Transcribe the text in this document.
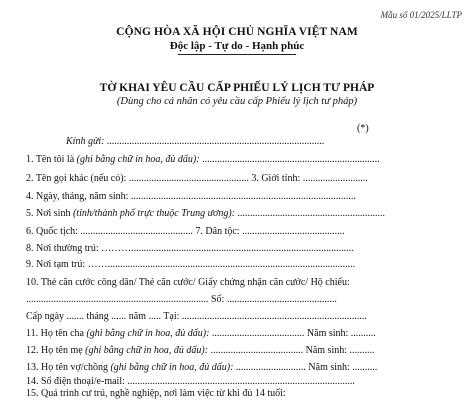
Mẫu số 01/2025/LLTP
CỘNG HÒA XÃ HỘI CHỦ NGHĨA VIỆT NAM
Độc lập - Tự do - Hạnh phúc
TỜ KHAI YÊU CẦU CẤP PHIẾU LÝ LỊCH TƯ PHÁP
(Dùng cho cá nhân có yêu cầu cấp Phiếu lý lịch tư pháp)
(*)
Kính gửi: .......................................................................................
1. Tên tôi là (ghi bằng chữ in hoa, đủ dấu): .......................................................................
2. Tên gọi khác (nếu có): ................................................ 3. Giới tính: ..........................
4. Ngày, tháng, năm sinh: ..........................................................................................
5. Nơi sinh (tỉnh/thành phố trực thuộc Trung ương): ...........................................................
6. Quốc tịch: ............................................. 7. Dân tộc: .........................................
8. Nơi thường trú: ……….........................................................................................
9. Nơi tạm trú: ……...................................................................................................
10. Thẻ căn cước công dân/ Thẻ căn cước/ Giấy chứng nhận căn cước/ Hộ chiếu:
......................................................................... Số: ............................................
Cấp ngày ....... tháng ...... năm ..... Tại: ..........................................................................
11. Họ tên cha (ghi bằng chữ in hoa, đủ dấu): ..................................... Năm sinh: ..........
12. Họ tên mẹ (ghi bằng chữ in hoa, đủ dấu): ..................................... Năm sinh: ..........
13. Họ tên vợ/chồng (ghi bằng chữ in hoa, đủ dấu): ............................ Năm sinh: ..........
14. Số điện thoại/e-mail: ...........................................................................................
15. Quá trình cư trú, nghề nghiệp, nơi làm việc từ khi đủ 14 tuổi:
